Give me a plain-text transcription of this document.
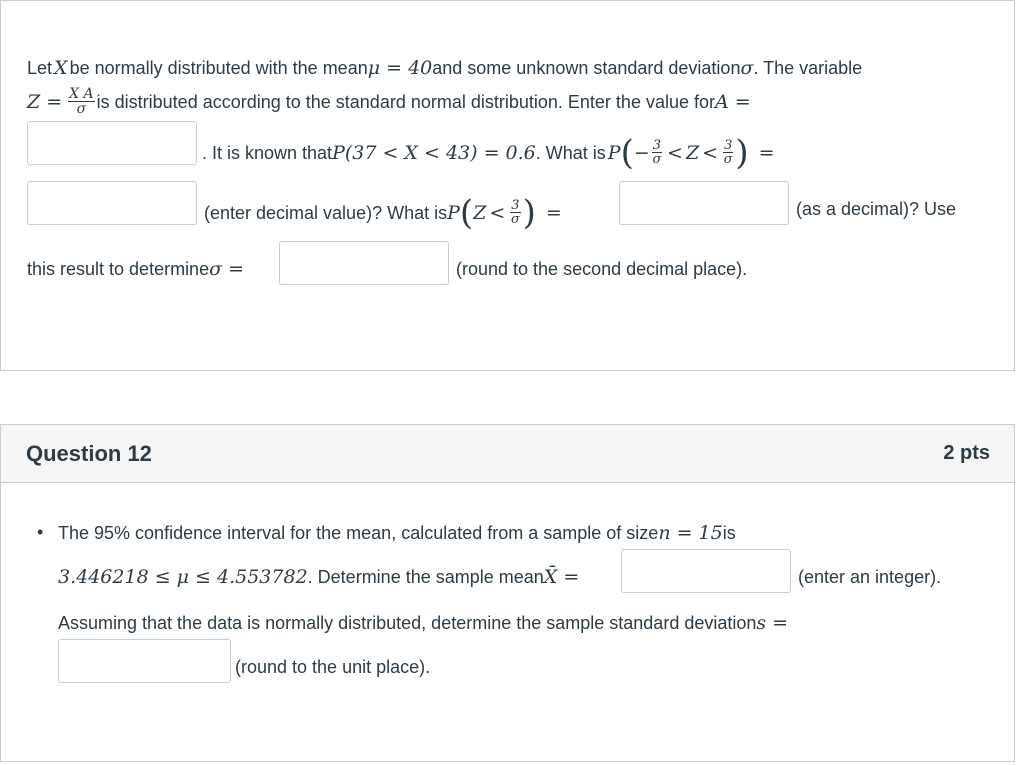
Let X be normally distributed with the mean μ = 40 and some unknown standard deviation σ . The variable
$Z = \frac{\text{X A}}{\sigma}$ is distributed according to the standard normal distribution. Enter the value for A =
. It is known that P(37 < X < 43) = 0.6 . What is P ( − $\frac{3}{\sigma} < Z < \frac{3}{\sigma}$ ) =
(enter decimal value)? What is P ( $Z < \frac{3}{\sigma}$ ) =	(as a decimal)? Use
this result to determine σ =	(round to the second decimal place).
Question 12	2 pts
• The 95% confidence interval for the mean, calculated from a sample of size n = 15 is
3.446218 ≤ μ ≤ 4.553782 . Determine the sample mean X̄ =	(enter an integer).
Assuming that the data is normally distributed, determine the sample standard deviation s =
(round to the unit place).
